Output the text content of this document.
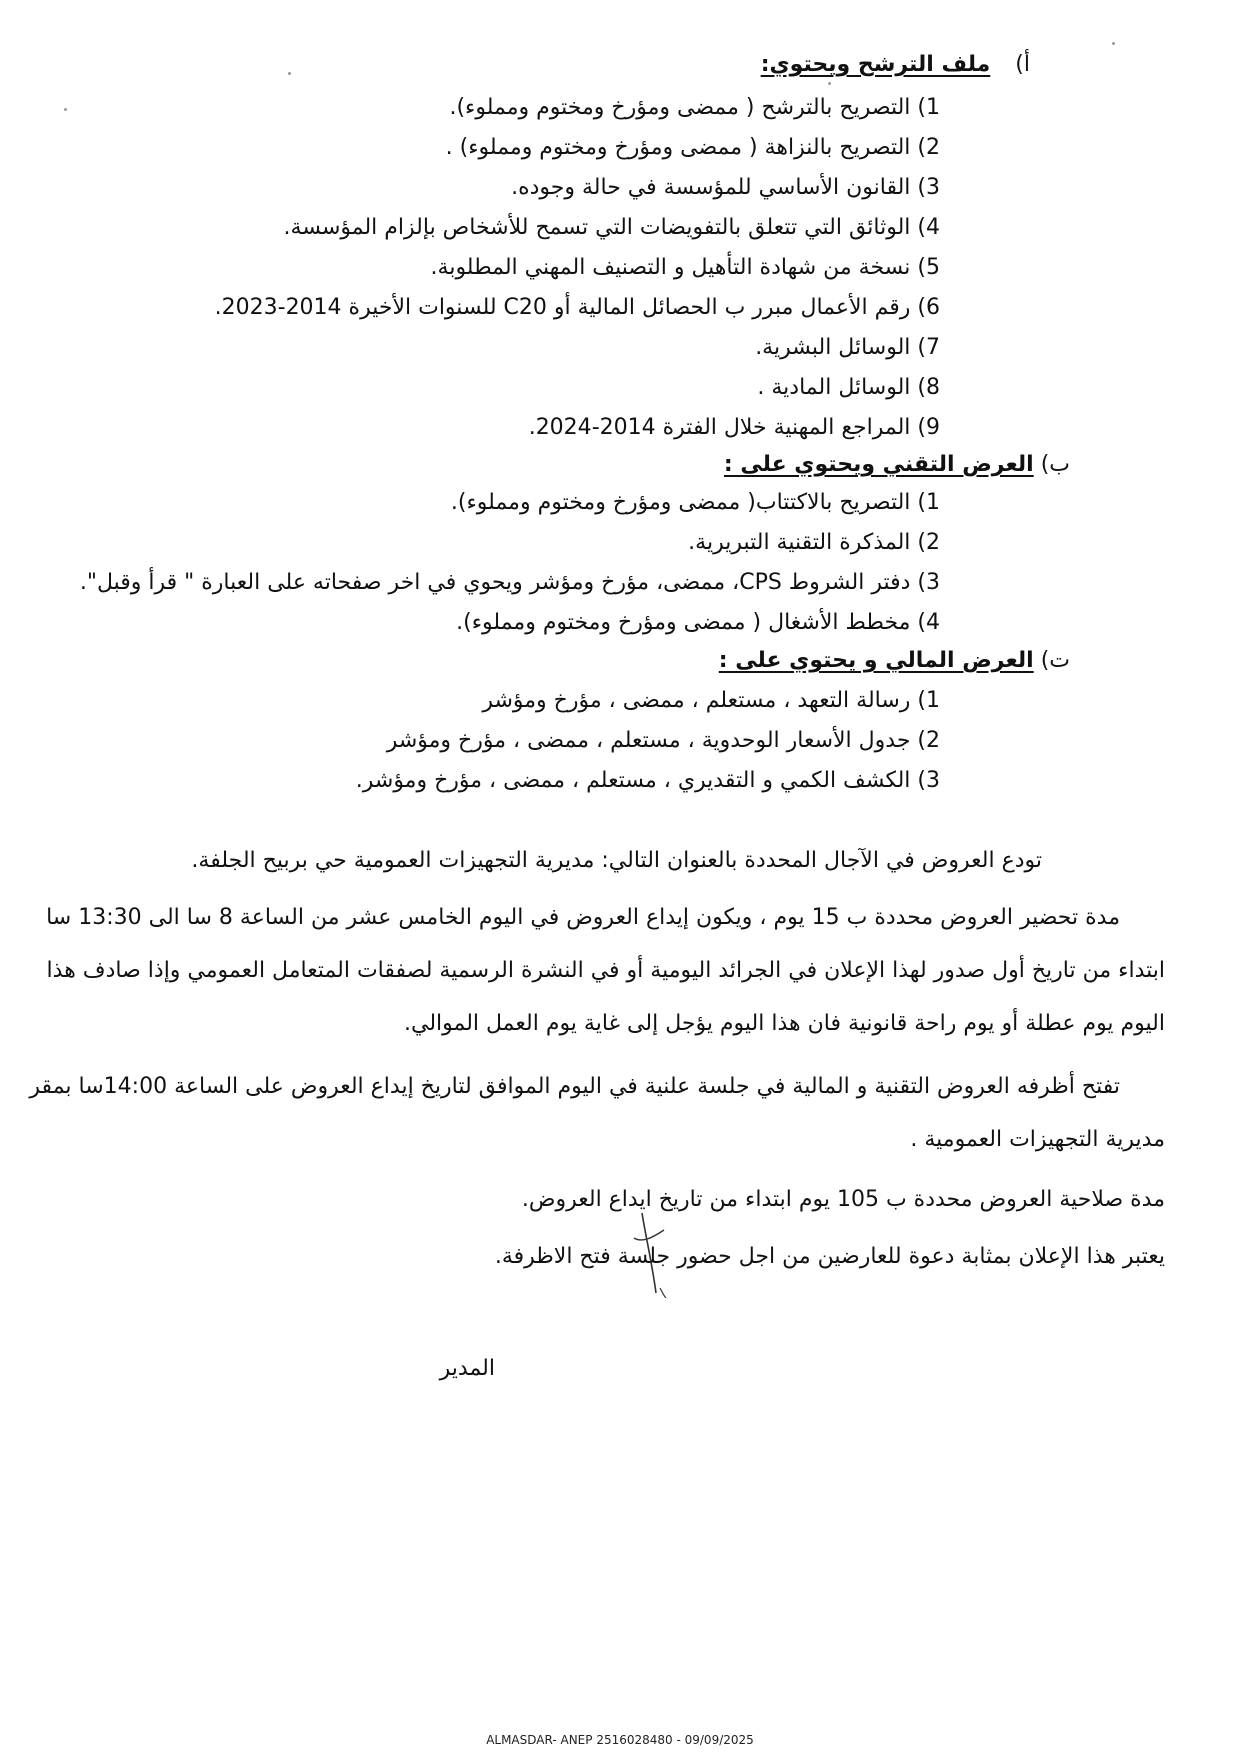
أ) ملف الترشح ويحتوي:
1) التصريح بالترشح ( ممضى ومؤرخ ومختوم ومملوء).
2) التصريح بالنزاهة ( ممضى ومؤرخ ومختوم ومملوء) .
3) القانون الأساسي للمؤسسة في حالة وجوده.
4) الوثائق التي تتعلق بالتفويضات التي تسمح للأشخاص بإلزام المؤسسة.
5) نسخة من شهادة التأهيل و التصنيف المهني المطلوبة.
6) رقم الأعمال مبرر ب الحصائل المالية أو C20 للسنوات الأخيرة 2014-2023.
7) الوسائل البشرية.
8) الوسائل المادية .
9) المراجع المهنية خلال الفترة 2014-2024.
ب) العرض التقني ويحتوي على :
1) التصريح بالاكتتاب( ممضى ومؤرخ ومختوم ومملوء).
2) المذكرة التقنية التبريرية.
3) دفتر الشروط CPS، ممضى، مؤرخ ومؤشر ويحوي في اخر صفحاته على العبارة " قرأ وقبل".
4) مخطط الأشغال ( ممضى ومؤرخ ومختوم ومملوء).
ت) العرض المالي و يحتوي على :
1) رسالة التعهد ، مستعلم ، ممضى ، مؤرخ ومؤشر
2) جدول الأسعار الوحدوية ، مستعلم ، ممضى ، مؤرخ ومؤشر
3) الكشف الكمي و التقديري ، مستعلم ، ممضى ، مؤرخ ومؤشر.
تودع العروض في الآجال المحددة بالعنوان التالي: مديرية التجهيزات العمومية حي بربيح الجلفة.
مدة تحضير العروض محددة ب 15 يوم ، ويكون إيداع العروض في اليوم الخامس عشر من الساعة 8 سا الى 13:30 سا
ابتداء من تاريخ أول صدور لهذا الإعلان في الجرائد اليومية أو في النشرة الرسمية لصفقات المتعامل العمومي وإذا صادف هذا
اليوم يوم عطلة أو يوم راحة قانونية فان هذا اليوم يؤجل إلى غاية يوم العمل الموالي.
تفتح أظرفه العروض التقنية و المالية في جلسة علنية في اليوم الموافق لتاريخ إيداع العروض على الساعة 14:00سا بمقر
مديرية التجهيزات العمومية .
مدة صلاحية العروض محددة ب 105 يوم ابتداء من تاريخ ايداع العروض.
يعتبر هذا الإعلان بمثابة دعوة للعارضين من اجل حضور جلسة فتح الاظرفة.
المدير
ALMASDAR- ANEP 2516028480 - 09/09/2025
